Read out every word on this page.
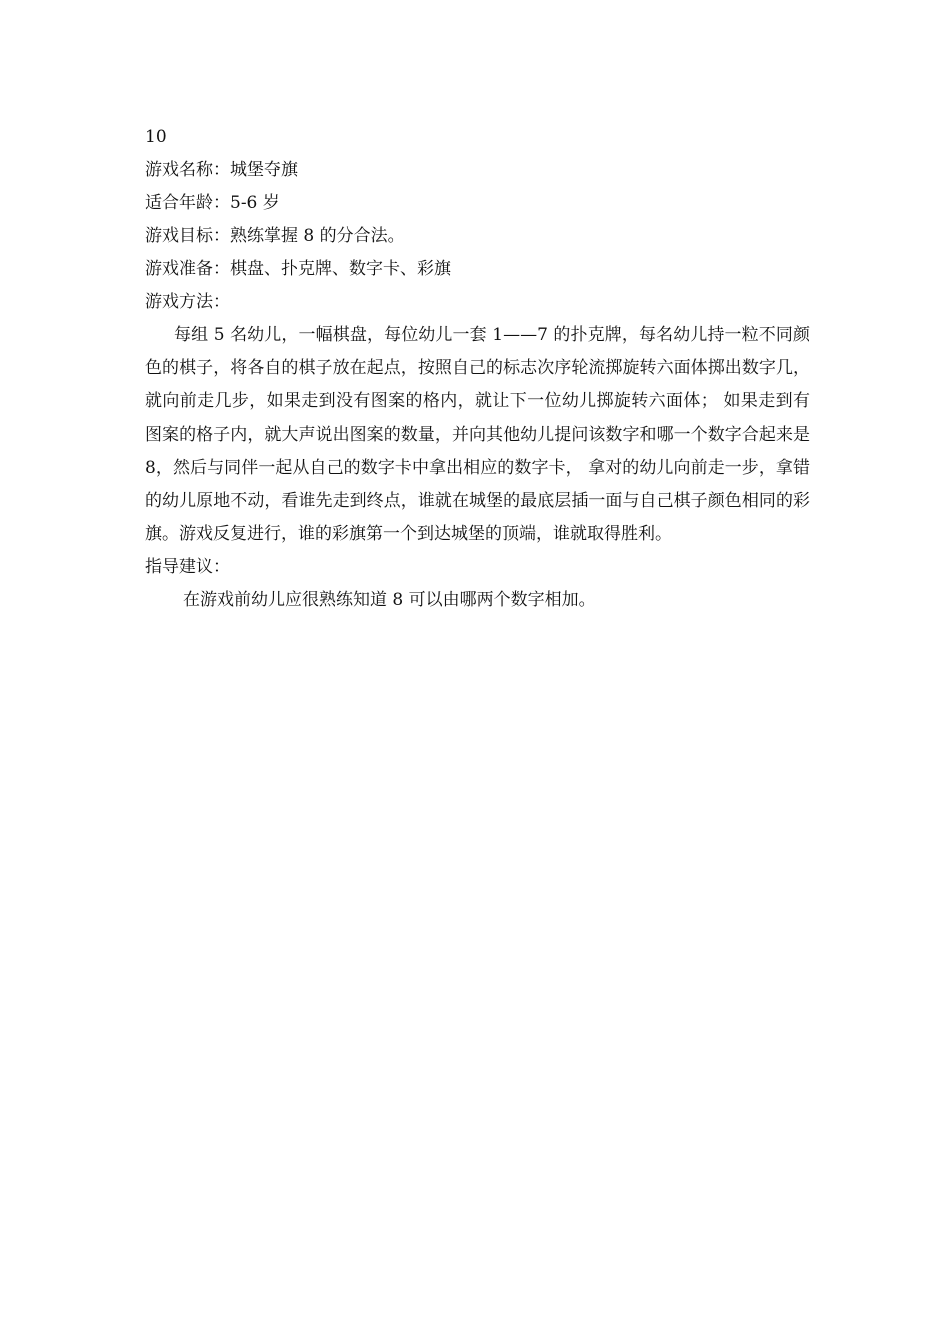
10
游戏名称：城堡夺旗
适合年龄：5-6 岁
游戏目标：熟练掌握 8 的分合法。
游戏准备：棋盘、扑克牌、数字卡、彩旗
游戏方法：

每组 5 名幼儿，一幅棋盘，每位幼儿一套 1——7 的扑克牌，每名幼儿持一粒不同颜色的棋子，将各自的棋子放在起点，按照自己的标志次序轮流掷旋转六面体掷出数字几，就向前走几步，如果走到没有图案的格内，就让下一位幼儿掷旋转六面体； 如果走到有图案的格子内，就大声说出图案的数量，并向其他幼儿提问该数字和哪一个数字合起来是 8，然后与同伴一起从自己的数字卡中拿出相应的数字卡， 拿对的幼儿向前走一步，拿错的幼儿原地不动，看谁先走到终点，谁就在城堡的最底层插一面与自己棋子颜色相同的彩旗。游戏反复进行，谁的彩旗第一个到达城堡的顶端，谁就取得胜利。

指导建议：

在游戏前幼儿应很熟练知道 8 可以由哪两个数字相加。
